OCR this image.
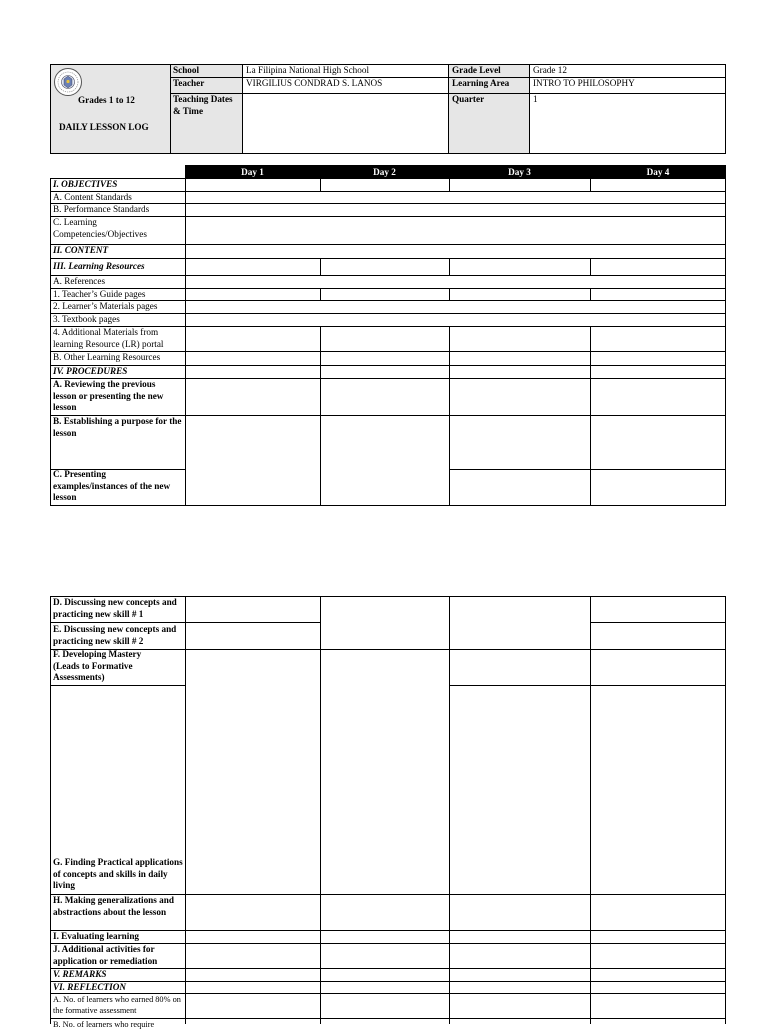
Grades 1 to 12
DAILY LESSON LOG
School	La Filipina National High School
Teacher	VIRGILIUS CONDRAD S. LANOS
Teaching Dates & Time
Grade Level	Grade 12
Learning Area	INTRO TO PHILOSOPHY
Quarter	1
Day 1	Day 2	Day 3	Day 4
I. OBJECTIVES
A. Content Standards
B. Performance Standards
C. Learning Competencies/Objectives
II. CONTENT
III. Learning Resources
A. References
1. Teacher’s Guide pages
2. Learner’s Materials pages
3. Textbook pages
4. Additional Materials from learning Resource (LR) portal
B. Other Learning Resources
IV. PROCEDURES
A. Reviewing the previous lesson or presenting the new lesson
B. Establishing a purpose for the lesson
C. Presenting examples/instances of the new lesson
D. Discussing new concepts and practicing new skill # 1
E. Discussing new concepts and practicing new skill # 2
F. Developing Mastery (Leads to Formative Assessments)
G. Finding Practical applications of concepts and skills in daily living
H. Making generalizations and abstractions about the lesson
I. Evaluating learning
J. Additional activities for application or remediation
V. REMARKS
VI. REFLECTION
A. No. of learners who earned 80% on the formative assessment
B. No. of learners who require
